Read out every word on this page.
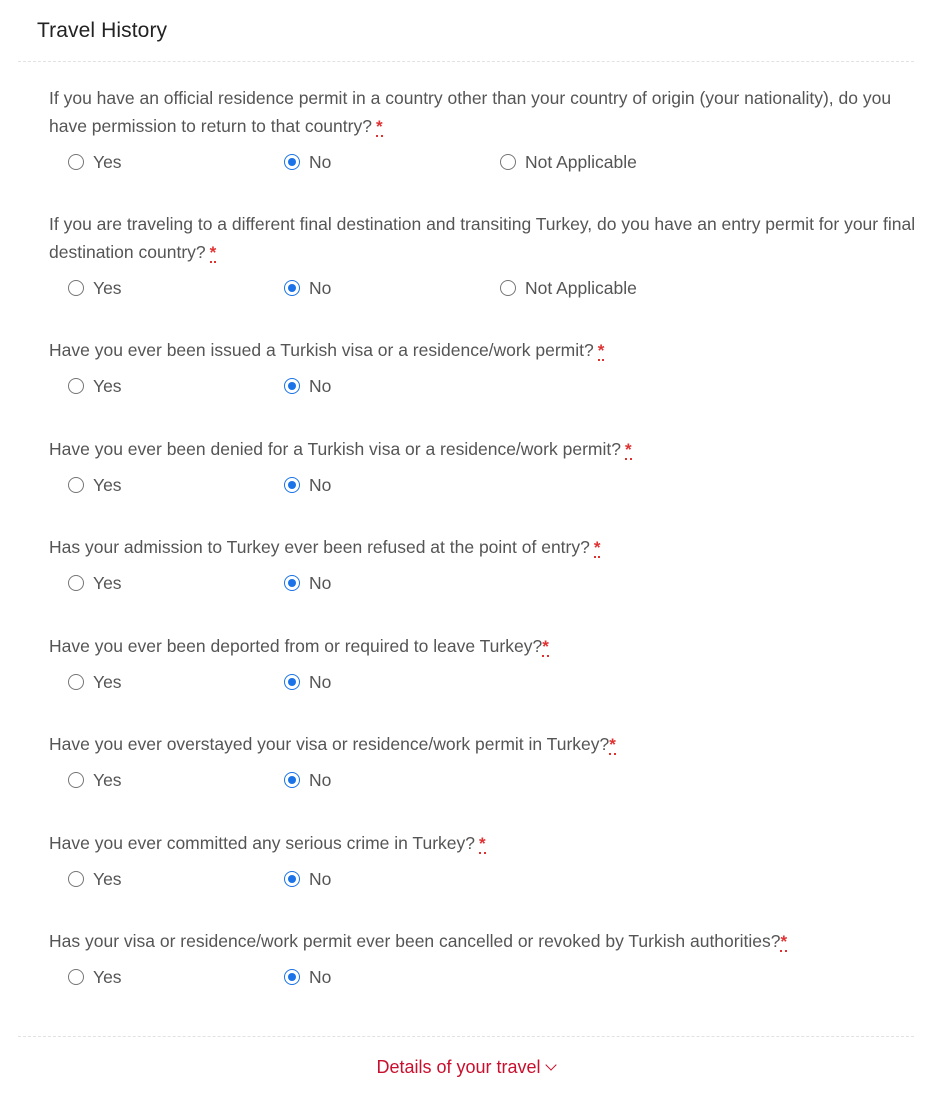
Travel History
If you have an official residence permit in a country other than your country of origin (your nationality), do you have permission to return to that country? *
Yes	No	Not Applicable
If you are traveling to a different final destination and transiting Turkey, do you have an entry permit for your final destination country? *
Yes	No	Not Applicable
Have you ever been issued a Turkish visa or a residence/work permit? *
Yes	No
Have you ever been denied for a Turkish visa or a residence/work permit? *
Yes	No
Has your admission to Turkey ever been refused at the point of entry? *
Yes	No
Have you ever been deported from or required to leave Turkey?*
Yes	No
Have you ever overstayed your visa or residence/work permit in Turkey?*
Yes	No
Have you ever committed any serious crime in Turkey? *
Yes	No
Has your visa or residence/work permit ever been cancelled or revoked by Turkish authorities?*
Yes	No
Details of your travel
